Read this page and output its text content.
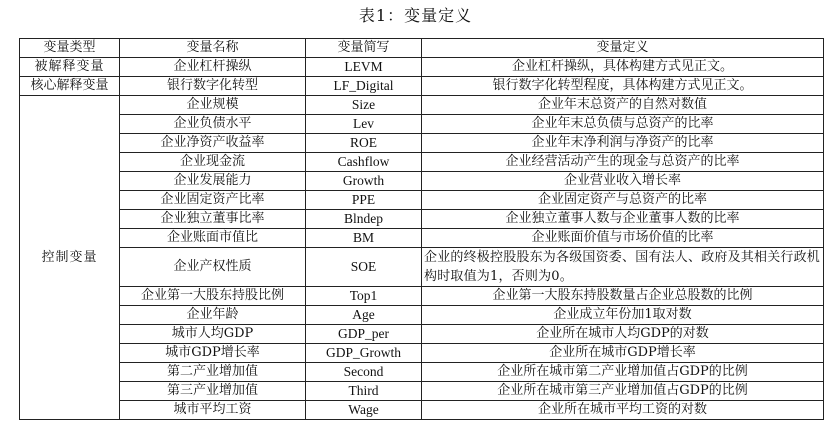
表1：变量定义
变量类型	变量名称	变量简写	变量定义
被解释变量	企业杠杆操纵	LEVM	企业杠杆操纵，具体构建方式见正文。
核心解释变量	银行数字化转型	LF_Digital	银行数字化转型程度，具体构建方式见正文。
控制变量	企业规模	Size	企业年末总资产的自然对数值
	企业负债水平	Lev	企业年末总负债与总资产的比率
	企业净资产收益率	ROE	企业年末净利润与净资产的比率
	企业现金流	Cashflow	企业经营活动产生的现金与总资产的比率
	企业发展能力	Growth	企业营业收入增长率
	企业固定资产比率	PPE	企业固定资产与总资产的比率
	企业独立董事比率	Blndep	企业独立董事人数与企业董事人数的比率
	企业账面市值比	BM	企业账面价值与市场价值的比率
	企业产权性质	SOE	企业的终极控股股东为各级国资委、国有法人、政府及其相关行政机构时取值为1，否则为0。
	企业第一大股东持股比例	Top1	企业第一大股东持股数量占企业总股数的比例
	企业年龄	Age	企业成立年份加1取对数
	城市人均GDP	GDP_per	企业所在城市人均GDP的对数
	城市GDP增长率	GDP_Growth	企业所在城市GDP增长率
	第二产业增加值	Second	企业所在城市第二产业增加值占GDP的比例
	第三产业增加值	Third	企业所在城市第三产业增加值占GDP的比例
	城市平均工资	Wage	企业所在城市平均工资的对数
